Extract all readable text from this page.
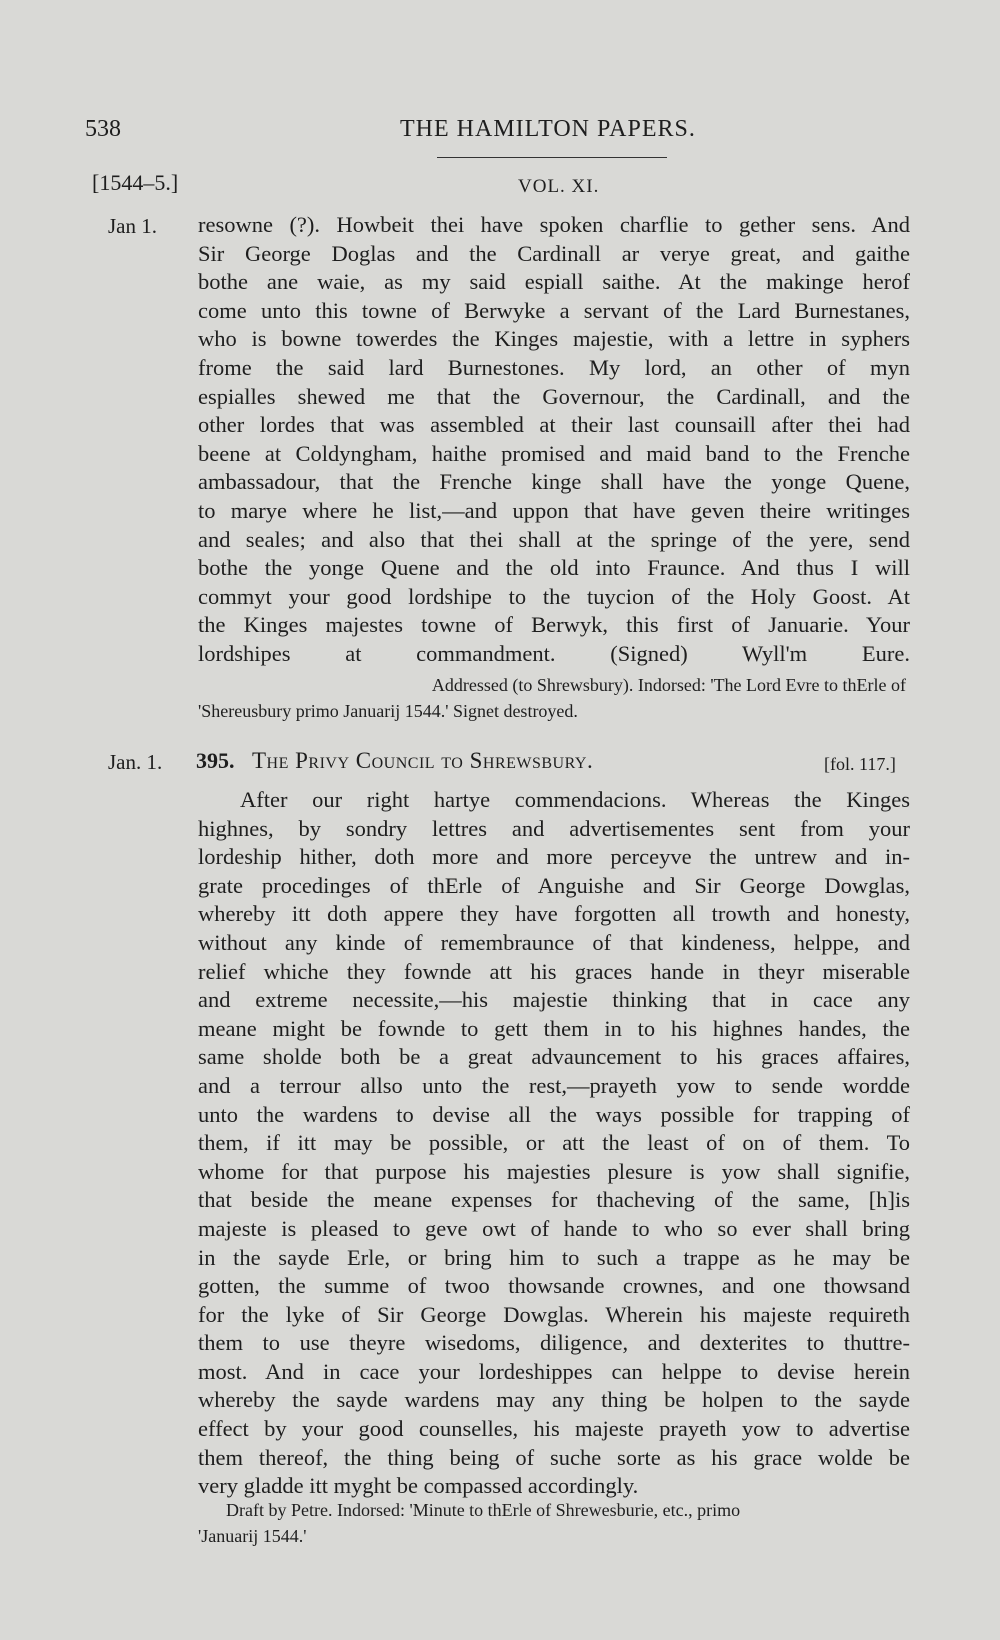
538	THE HAMILTON PAPERS.
[1544–5.]	VOL. XI.
Jan 1. resowne (?). Howbeit thei have spoken charflie to gether sens. And
Sir George Doglas and the Cardinall ar verye great, and gaithe
bothe ane waie, as my said espiall saithe. At the makinge herof
come unto this towne of Berwyke a servant of the Lard Burnestanes,
who is bowne towerdes the Kinges majestie, with a lettre in syphers
frome the said lard Burnestones. My lord, an other of myn
espialles shewed me that the Governour, the Cardinall, and the
other lordes that was assembled at their last counsaill after thei had
beene at Coldyngham, haithe promised and maid band to the Frenche
ambassadour, that the Frenche kinge shall have the yonge Quene,
to marye where he list,—and uppon that have geven theire writinges
and seales; and also that thei shall at the springe of the yere, send
bothe the yonge Quene and the old into Fraunce. And thus I will
commyt your good lordshipe to the tuycion of the Holy Goost. At
the Kinges majestes towne of Berwyk, this first of Januarie. Your
lordshipes at commandment. (Signed) Wyll'm Eure.
Addressed (to Shrewsbury). Indorsed: 'The Lord Evre to thErle of
'Shereusbury primo Januarij 1544.' Signet destroyed.
Jan. 1. 395. The Privy Council to Shrewsbury.	[fol. 117.]
After our right hartye commendacions. Whereas the Kinges
highnes, by sondry lettres and advertisementes sent from your
lordeship hither, doth more and more perceyve the untrew and in-
grate procedinges of thErle of Anguishe and Sir George Dowglas,
whereby itt doth appere they have forgotten all trowth and honesty,
without any kinde of remembraunce of that kindeness, helppe, and
relief whiche they fownde att his graces hande in theyr miserable
and extreme necessite,—his majestie thinking that in cace any
meane might be fownde to gett them in to his highnes handes, the
same sholde both be a great advauncement to his graces affaires,
and a terrour allso unto the rest,—prayeth yow to sende wordde
unto the wardens to devise all the ways possible for trapping of
them, if itt may be possible, or att the least of on of them. To
whome for that purpose his majesties plesure is yow shall signifie,
that beside the meane expenses for thacheving of the same, [h]is
majeste is pleased to geve owt of hande to who so ever shall bring
in the sayde Erle, or bring him to such a trappe as he may be
gotten, the summe of twoo thowsande crownes, and one thowsand
for the lyke of Sir George Dowglas. Wherein his majeste requireth
them to use theyre wisedoms, diligence, and dexterites to thuttre-
most. And in cace your lordeshippes can helppe to devise herein
whereby the sayde wardens may any thing be holpen to the sayde
effect by your good counselles, his majeste prayeth yow to advertise
them thereof, the thing being of suche sorte as his grace wolde be
very gladde itt myght be compassed accordingly.
Draft by Petre. Indorsed: 'Minute to thErle of Shrewesburie, etc., primo
'Januarij 1544.'
